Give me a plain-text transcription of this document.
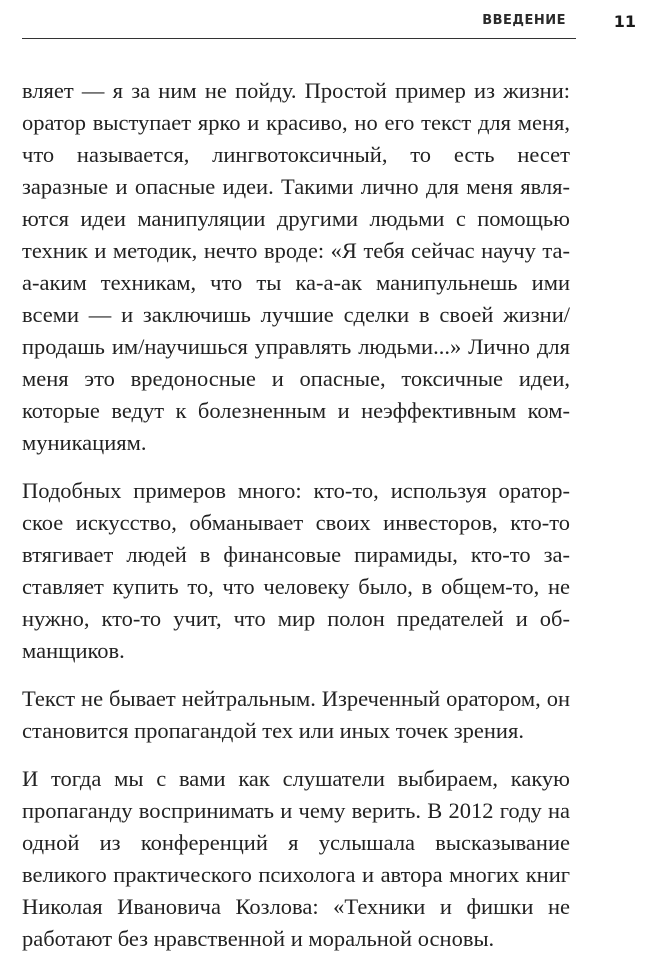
ВВЕДЕНИЕ	11

вляет — я за ним не пойду. Простой пример из жизни: оратор выступает ярко и красиво, но его текст для меня, что называется, лингвотоксичный, то есть несет заразные и опасные идеи. Такими лично для меня являются идеи манипуляции другими людьми с помощью техник и методик, нечто вроде: «Я тебя сейчас научу та-а-аким техникам, что ты ка-а-ак манипульнешь ими всеми — и заключишь лучшие сделки в своей жизни/ продашь им/научишься управлять людьми...» Лично для меня это вредоносные и опасные, токсичные идеи, которые ведут к болезненным и неэффективным коммуникациям.

Подобных примеров много: кто-то, используя ораторское искусство, обманывает своих инвесторов, кто-то втягивает людей в финансовые пирамиды, кто-то заставляет купить то, что человеку было, в общем-то, не нужно, кто-то учит, что мир полон предателей и обманщиков.

Текст не бывает нейтральным. Изреченный оратором, он становится пропагандой тех или иных точек зрения.

И тогда мы с вами как слушатели выбираем, какую пропаганду воспринимать и чему верить. В 2012 году на одной из конференций я услышала высказывание великого практического психолога и автора многих книг Николая Ивановича Козлова: «Техники и фишки не работают без нравственной и моральной основы.
